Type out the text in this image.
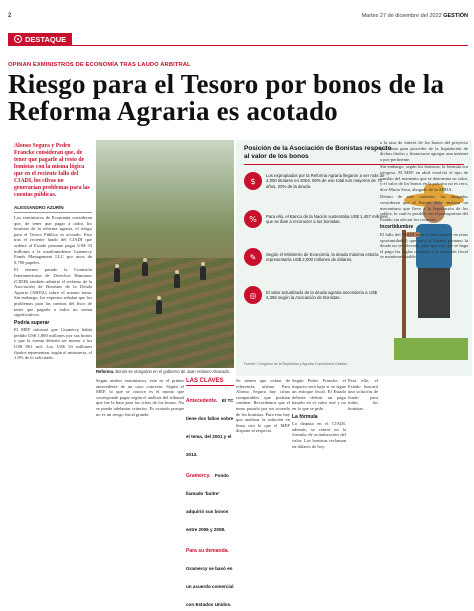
2	Martes 27 de diciembre del 2022 GESTIÓN
DESTAQUE
OPINAN EXMINISTROS DE ECONOMÍA TRAS LAUDO ARBITRAL
Riesgo para el Tesoro por bonos de la Reforma Agraria es acotado
Alonso Segura y Pedro Francke consideran que, de tener que pagarle al resto de bonistas con la misma lógica que en el reciente fallo del CIADI, los cifras no generarían problemas para las cuentas públicas.
ALESSANDRO AZURÍN

Los exministros de Economía consideran que, de tener que pagar a todos los bonistas de la reforma agraria, el riesgo para el Tesoro Público es acotado. Esto tras el reciente laudo del CIADI que ordenó al Estado peruano pagar US$ 33 millones a la estadounidense Gramercy Funds Management LLC por unos de 9,700 papeles.

El viernes pasado la Comisión Interamericana de Derechos Humanos (CIDH) también admitió el reclamo de la Asociación de Bonistas de la Deuda Agraria (ABDA) sobre el mismo tema. Sin embargo, los expertos señalan que los problemas para las cuentas del fisco de tener que pagarle a todos no serían significativos.

Podría superar

El MEF informó que Gramercy había pedido US$ 1,800 millones por sus bonos y que la cuenta debería ser menor a los US$ 861 mil. Los US$ 33 millones fijados representan, según el ministerio, el 1.8% de lo solicitado.

Reforma. Bonos se otorgaron en el gobierno de Juan Velasco Alvarado.
Posición de la Asociación de Bonistas respecto al valor de los bonos
$
Los expropiados por la Reforma Agraria llegaron a ser más de 4,000 titulares en 2004. 80% de ese total son mayores de 70 años, 20% de la deuda.
%	Para ello, el Banco de la Nación sustentaba US$ 1,457 millones que se iban a reconocer a los bonistas.
✎	Según el Ministerio de Economía, la deuda máxima estaría representaría US$ 2,000 millones de dólares.
◎	El valor actualizado de la deuda agraria ascendería a US$ 4,355 según la Asociación de Bonistas.
Fuente: Congreso de la República y Agraria Consultores Gestión
Según ambos exministros, este es el primer antecedente de un caso concreto. Según el MEF, lo que se conoce es el monto que corresponde pagar según el análisis del tribunal que fue la base para las cifras de los bonos. No se puede adelantar criterios. Es acotado porque no es un riesgo fiscal grande.
LAS CLAVES
Antecedente. El TC tiene dos fallos sobre el tema, del 2001 y el 2013.
Gramercy. Fondo llamado 'buitre' adquirió sus bonos entre 2006 y 2008.
Para su demanda. Gramercy se basó en un acuerdo comercial con Estados Unidos.
Se tienen que valuar de referencia, afirma. Para Alonso Segura hay cifras comparables que podrían cambiar. Recordemos que el tema pasaría por un acuerdo de los bonistas. Para esto hay que analizar la solución en línea con lo que el MEF dispone al respecto.

Según Pedro Francke, el impacto será bajo si se sigue un enfoque fiscal. El Estado debería definir un pago basado en el valor real y no en lo que se pide.

La fórmula

La disputa en el CIADI, además, se centró en la fórmula de actualización del valor. Los bonistas reclaman en dólares de hoy.

Para ello, el Estado buscará una solución de fondo para todos los bonistas.

a la tasa de interés de los bonos del proyecto que toma para proceder de la liquidación de dichos títulos y financiarse agregar una internet a pro-pertinente.

Sin embargo, según los bonistas, la fórmula era riesgosa. El MEF en abril resolvió el tipo de cambio del momento que se determina su valor, y el valor de los bonos en la práctica no es cero, dice Mario Sosa, abogado de la ABDA.

Dentro de este contexto, los abogados consideran que el Estado debe analizar un mecanismo que lleve a la liquidación de los saldos, lo cual es posible con el presupuesto del Estado sin afectar los recursos.

Incertidumbre

El fallo del CIADI tiene (como ocurrió en otras oportunidades) que para el Estado peruano la deuda no sea elevada, pero una vez que se haga el pago las reglas cambian y la situación fiscal se mantiene estable.
